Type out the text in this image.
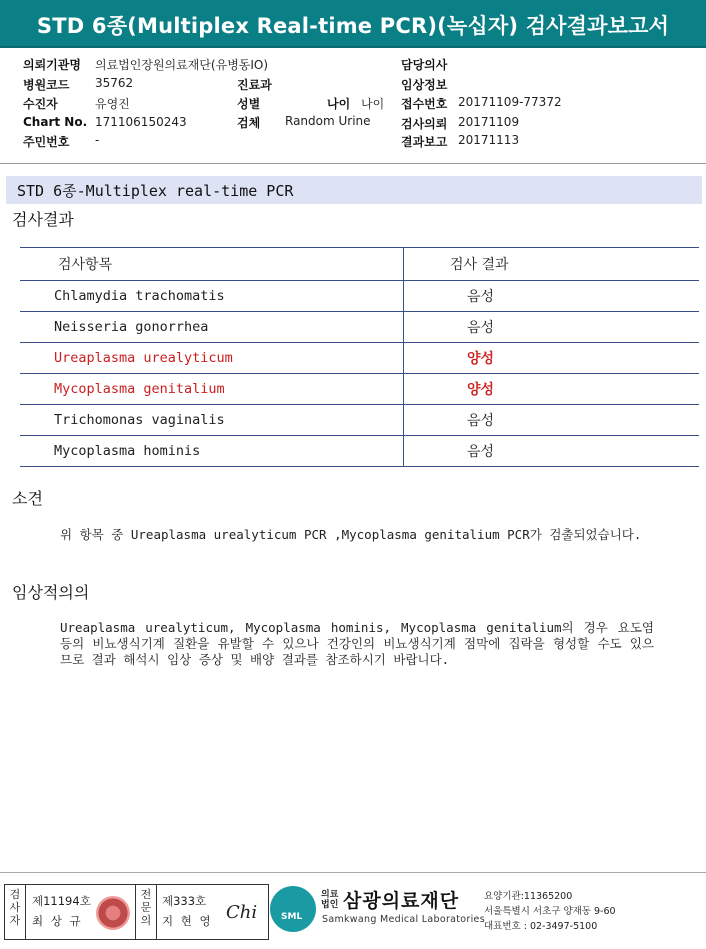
STD 6종(Multiplex Real-time PCR)(녹십자) 검사결과보고서
의뢰기관명 의료법인장원의료재단(유병동IO)
병원코드 35762
수진자	유영진
Chart No. 171106150243
주민번호 -
진료과
성별	나이 나이
검체 Random Urine
담당의사
임상정보
접수번호 20171109-77372
검사의뢰 20171109
결과보고 20171113
STD 6종-Multiplex real-time PCR
검사결과
검사항목	검사 결과
Chlamydia trachomatis	음성
Neisseria gonorrhea	음성
Ureaplasma urealyticum	양성
Mycoplasma genitalium	양성
Trichomonas vaginalis	음성
Mycoplasma hominis	음성
소견
위 항목 중 Ureaplasma urealyticum PCR ,Mycoplasma genitalium PCR가 검출되었습니다.
임상적의의
Ureaplasma urealyticum, Mycoplasma hominis, Mycoplasma genitalium의 경우 요도염 등의 비뇨생식기계 질환을 유발할 수 있으나 건강인의 비뇨생식기계 점막에 집락을 형성할 수도 있으므로 결과 해석시 임상 증상 및 배양 결과를 참조하시기 바랍니다.
검사자
전문의
제11194호
최 상 규
제333호
지 현 영 Chi	SML
의료법인 삼광의료재단
Samkwang Medical Laboratories
요양기관:11365200
서울특별시 서초구 양재동 9-60
대표번호 : 02-3497-5100
